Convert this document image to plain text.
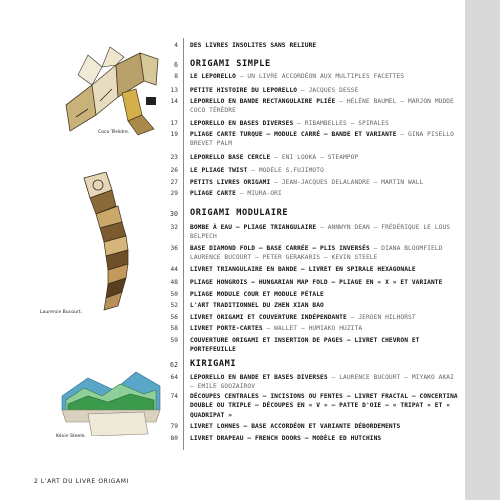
Coco Térèdre.
Laurence Bucourt.
Kévin Steele.
4 DES LIVRES INSOLITES SANS RELIURE
6 ORIGAMI SIMPLE
8 LE LEPORELLO – UN LIVRE ACCORDÉON AUX MULTIPLES FACETTES
13 PETITE HISTOIRE DU LEPORELLO – JACQUES DESSE
14 LEPORELLO EN BANDE RECTANGULAIRE PLIÉE – HÉLÈNE BAUMEL – MARJON MUDDE COCO TÉRÈDRE
17 LEPORELLO EN BASES DIVERSES – RIBAMBELLES – SPIRALES
19 PLIAGE CARTE TURQUE – MODULE CARRÉ – BANDE ET VARIANTE – GINA PISELLO BREVET PALM
23 LEPORELLO BASE CERCLE – ENI LOOKA – STEAMPOP
26 LE PLIAGE TWIST – MODÈLE S.FUJIMOTO
27 PETITS LIVRES ORIGAMI – JEAN-JACQUES DELALANDRE – MARTIN WALL
29 PLIAGE CARTE – MIURA-ORI
30 ORIGAMI MODULAIRE
32 BOMBE À EAU – PLIAGE TRIANGULAIRE – ANNWYN DEAN – FRÉDÉRIQUE LE LOUS BELPECH
36 BASE DIAMOND FOLD – BASE CARRÉE – PLIS INVERSÉS – DIANA BLOOMFIELD LAURENCE BUCOURT – PETER GERAKARIS – KEVIN STEELE
44 LIVRET TRIANGULAIRE EN BANDE – LIVRET EN SPIRALE HEXAGONALE
48 PLIAGE HONGROIS – HUNGARIAN MAP FOLD – PLIAGE EN « X » ET VARIANTE
50 PLIAGE MODULE COUR ET MODULE PÉTALE
52 L'ART TRADITIONNEL DU ZHEN XIAN BAO
56 LIVRET ORIGAMI ET COUVERTURE INDÉPENDANTE – JEROEN HILHORST
58 LIVRET PORTE-CARTES – WALLET – HUMIAKO HUZITA
59 COUVERTURE ORIGAMI ET INSERTION DE PAGES – LIVRET CHEVRON ET PORTEFEUILLE
62 KIRIGAMI
64 LEPORELLO EN BANDE ET BASES DIVERSES – LAURENCE BUCOURT – MIYAKO AKAI – EMILE GOOZAIROV
74 DÉCOUPES CENTRALES – INCISIONS OU FENTES – LIVRET FRACTAL – CONCERTINA DOUBLE OU TRIPLE – DÉCOUPES EN « V » – PATTE D'OIE – « TRIPAT » ET « QUADRIPAT »
79 LIVRET LOHNES – BASE ACCORDÉON ET VARIANTE DÉBORDEMENTS
80 LIVRET DRAPEAU – FRENCH DOORS – MODÈLE ED HUTCHINS
2 L'ART DU LIVRE ORIGAMI
